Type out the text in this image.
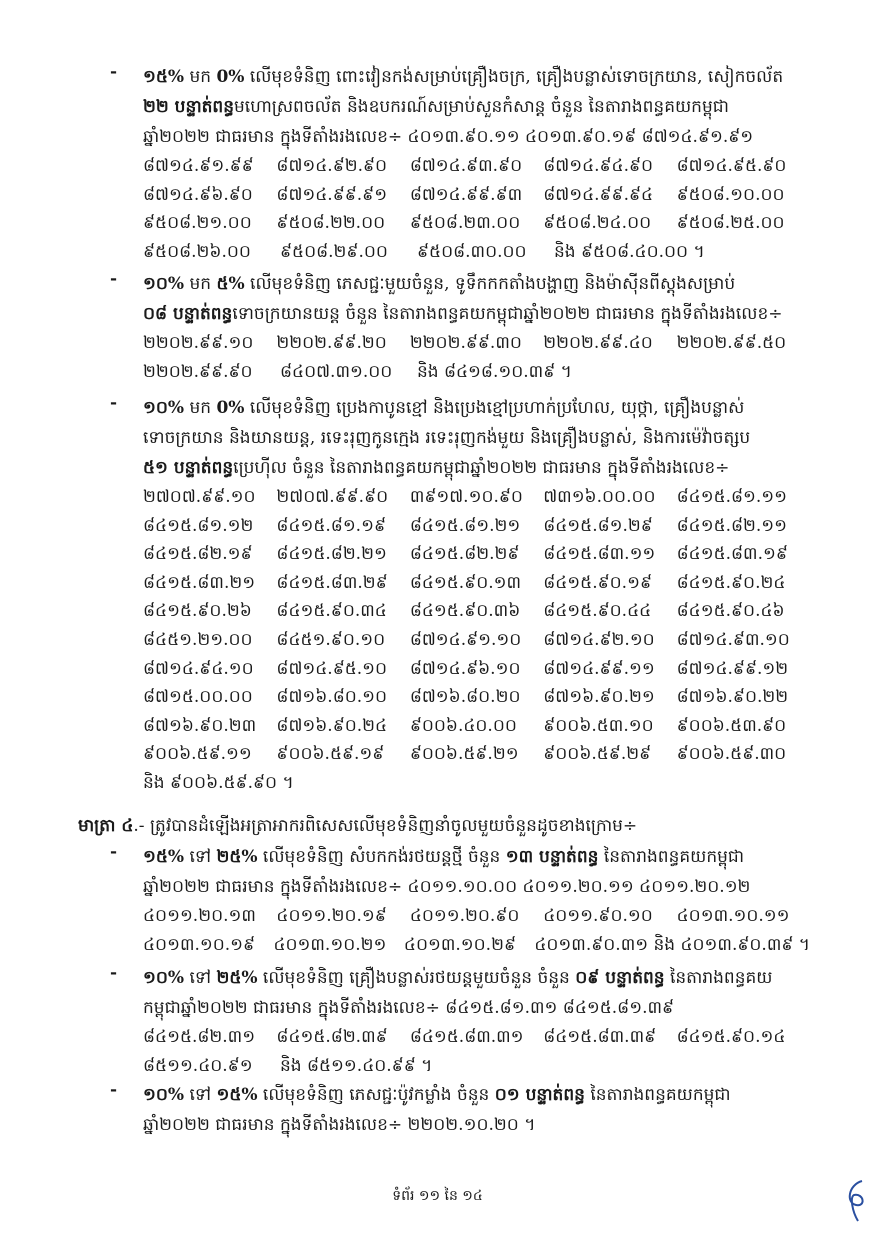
-	១៥% មក 0% លើមុខទំនិញ ពោះវៀនកង់សម្រាប់គ្រឿងចក្រ, គ្រឿងបន្លាស់ទោចក្រយាន, សៀកចល័ត
២២ បន្ទាត់ពន្ធមហោស្រពចល័ត និងឧបករណ៍សម្រាប់សួនកំសាន្ត ចំនួន នៃតារាងពន្ធគយកម្ពុជា
ឆ្នាំ២០២២ ជាធរមាន ក្នុងទីតាំងរងលេខ÷ ៤០១៣.៩០.១១ ៤០១៣.៩០.១៩ ៨៧១៤.៩១.៩១
៨៧១៤.៩១.៩៩	៨៧១៤.៩២.៩០	៨៧១៤.៩៣.៩០	៨៧១៤.៩៤.៩០	៨៧១៤.៩៥.៩០
៨៧១៤.៩៦.៩០	៨៧១៤.៩៩.៩១	៨៧១៤.៩៩.៩៣	៨៧១៤.៩៩.៩៤	៩៥០៨.១០.០០
៩៥០៨.២១.០០	៩៥០៨.២២.០០	៩៥០៨.២៣.០០	៩៥០៨.២៤.០០	៩៥០៨.២៥.០០
៩៥០៨.២៦.០០	៩៥០៨.២៩.០០	៩៥០៨.៣០.០០	និង ៩៥០៨.៤០.០០ ។
-	១០% មក ៥% លើមុខទំនិញ ភេសជ្ជៈមួយចំនួន, ទូទឹកកកតាំងបង្ហាញ និងម៉ាស៊ីនពីស្តុងសម្រាប់
០៨ បន្ទាត់ពន្ធទោចក្រយានយន្ត ចំនួន នៃតារាងពន្ធគយកម្ពុជាឆ្នាំ២០២២ ជាធរមាន ក្នុងទីតាំងរងលេខ÷
២២០២.៩៩.១០	២២០២.៩៩.២០	២២០២.៩៩.៣០	២២០២.៩៩.៤០	២២០២.៩៩.៥០
២២០២.៩៩.៩០	៨៤០៧.៣១.០០	និង ៨៤១៨.១០.៣៩ ។
-	១០% មក 0% លើមុខទំនិញ ប្រេងកាបូនខ្មៅ និងប្រេងខ្មៅប្រហាក់ប្រហែល, យុថ្កា, គ្រឿងបន្លាស់
ទោចក្រយាន និងយានយន្ត, រទេះរុញកូនក្មេង រទេះរុញកង់មួយ និងគ្រឿងបន្លាស់, និងការម៉េវ៉ាចត្សប
៥១ បន្ទាត់ពន្ធប្រេហ៊ីល ចំនួន នៃតារាងពន្ធគយកម្ពុជាឆ្នាំ២០២២ ជាធរមាន ក្នុងទីតាំងរងលេខ÷
២៧០៧.៩៩.១០	២៧០៧.៩៩.៩០	៣៩១៧.១០.៩០	៧៣១៦.០០.០០	៨៤១៥.៨១.១១
៨៤១៥.៨១.១២	៨៤១៥.៨១.១៩	៨៤១៥.៨១.២១	៨៤១៥.៨១.២៩	៨៤១៥.៨២.១១
៨៤១៥.៨២.១៩	៨៤១៥.៨២.២១	៨៤១៥.៨២.២៩	៨៤១៥.៨៣.១១	៨៤១៥.៨៣.១៩
៨៤១៥.៨៣.២១	៨៤១៥.៨៣.២៩	៨៤១៥.៩០.១៣	៨៤១៥.៩០.១៩	៨៤១៥.៩០.២៤
៨៤១៥.៩០.២៦	៨៤១៥.៩០.៣៤	៨៤១៥.៩០.៣៦	៨៤១៥.៩០.៤៤	៨៤១៥.៩០.៤៦
៨៤៥១.២១.០០	៨៤៥១.៩០.១០	៨៧១៤.៩១.១០	៨៧១៤.៩២.១០	៨៧១៤.៩៣.១០
៨៧១៤.៩៤.១០	៨៧១៤.៩៥.១០	៨៧១៤.៩៦.១០	៨៧១៤.៩៩.១១	៨៧១៤.៩៩.១២
៨៧១៥.០០.០០	៨៧១៦.៨០.១០	៨៧១៦.៨០.២០	៨៧១៦.៩០.២១	៨៧១៦.៩០.២២
៨៧១៦.៩០.២៣	៨៧១៦.៩០.២៤	៩០០៦.៤០.០០	៩០០៦.៥៣.១០	៩០០៦.៥៣.៩០
៩០០៦.៥៩.១១	៩០០៦.៥៩.១៩	៩០០៦.៥៩.២១	៩០០៦.៥៩.២៩	៩០០៦.៥៩.៣០
និង ៩០០៦.៥៩.៩០ ។
មាត្រា ៤.- ត្រូវបានដំឡើងអត្រាអាករពិសេសលើមុខទំនិញនាំចូលមួយចំនួនដូចខាងក្រោម÷
-	១៥% ទៅ ២៥% លើមុខទំនិញ សំបកកង់រថយន្តថ្មី ចំនួន ១៣ បន្ទាត់ពន្ធ នៃតារាងពន្ធគយកម្ពុជា
ឆ្នាំ២០២២ ជាធរមាន ក្នុងទីតាំងរងលេខ÷ ៤០១១.១០.០០ ៤០១១.២០.១១ ៤០១១.២០.១២
៤០១១.២០.១៣	៤០១១.២០.១៩	៤០១១.២០.៩០	៤០១១.៩០.១០	៤០១៣.១០.១១
៤០១៣.១០.១៩	៤០១៣.១០.២១	៤០១៣.១០.២៩	៤០១៣.៩០.៣១ និង ៤០១៣.៩០.៣៩ ។
-	១០% ទៅ ២៥% លើមុខទំនិញ គ្រឿងបន្លាស់រថយន្តមួយចំនួន ចំនួន ០៩ បន្ទាត់ពន្ធ នៃតារាងពន្ធគយ
កម្ពុជាឆ្នាំ២០២២ ជាធរមាន ក្នុងទីតាំងរងលេខ÷ ៨៤១៥.៨១.៣១ ៨៤១៥.៨១.៣៩
៨៤១៥.៨២.៣១	៨៤១៥.៨២.៣៩	៨៤១៥.៨៣.៣១	៨៤១៥.៨៣.៣៩	៨៤១៥.៩០.១៤
៨៥១១.៤០.៩១	និង ៨៥១១.៤០.៩៩ ។
-	១០% ទៅ ១៥% លើមុខទំនិញ ភេសជ្ជៈប៉ូវកម្លាំង ចំនួន ០១ បន្ទាត់ពន្ធ នៃតារាងពន្ធគយកម្ពុជា
ឆ្នាំ២០២២ ជាធរមាន ក្នុងទីតាំងរងលេខ÷ ២២០២.១០.២០ ។
ទំព័រ ១១ នៃ ១៤
